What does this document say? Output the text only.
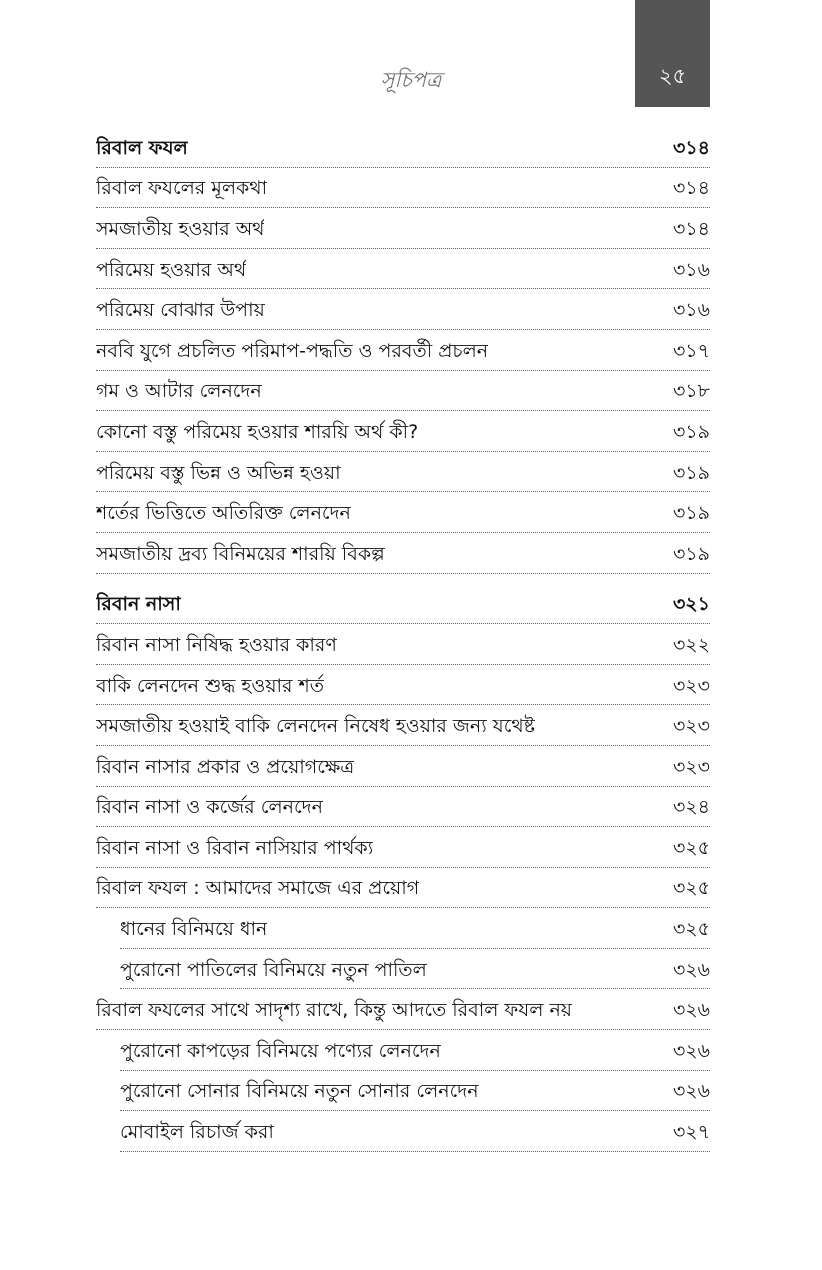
সূচিপত্র	২৫
রিবাল ফযল	৩১৪
রিবাল ফযলের মূলকথা	৩১৪
সমজাতীয় হওয়ার অর্থ	৩১৪
পরিমেয় হওয়ার অর্থ	৩১৬
পরিমেয় বোঝার উপায়	৩১৬
নববি যুগে প্রচলিত পরিমাপ-পদ্ধতি ও পরবর্তী প্রচলন	৩১৭
গম ও আটার লেনদেন	৩১৮
কোনো বস্তু পরিমেয় হওয়ার শারয়ি অর্থ কী?	৩১৯
পরিমেয় বস্তু ভিন্ন ও অভিন্ন হওয়া	৩১৯
শর্তের ভিত্তিতে অতিরিক্ত লেনদেন	৩১৯
সমজাতীয় দ্রব্য বিনিময়ের শারয়ি বিকল্প	৩১৯
রিবান নাসা	৩২১
রিবান নাসা নিষিদ্ধ হওয়ার কারণ	৩২২
বাকি লেনদেন শুদ্ধ হওয়ার শর্ত	৩২৩
সমজাতীয় হওয়াই বাকি লেনদেন নিষেধ হওয়ার জন্য যথেষ্ট	৩২৩
রিবান নাসার প্রকার ও প্রয়োগক্ষেত্র	৩২৩
রিবান নাসা ও কর্জের লেনদেন	৩২৪
রিবান নাসা ও রিবান নাসিয়ার পার্থক্য	৩২৫
রিবাল ফযল : আমাদের সমাজে এর প্রয়োগ	৩২৫
ধানের বিনিময়ে ধান	৩২৫
পুরোনো পাতিলের বিনিময়ে নতুন পাতিল	৩২৬
রিবাল ফযলের সাথে সাদৃশ্য রাখে, কিন্তু আদতে রিবাল ফযল নয়	৩২৬
পুরোনো কাপড়ের বিনিময়ে পণ্যের লেনদেন	৩২৬
পুরোনো সোনার বিনিময়ে নতুন সোনার লেনদেন	৩২৬
মোবাইল রিচার্জ করা	৩২৭
